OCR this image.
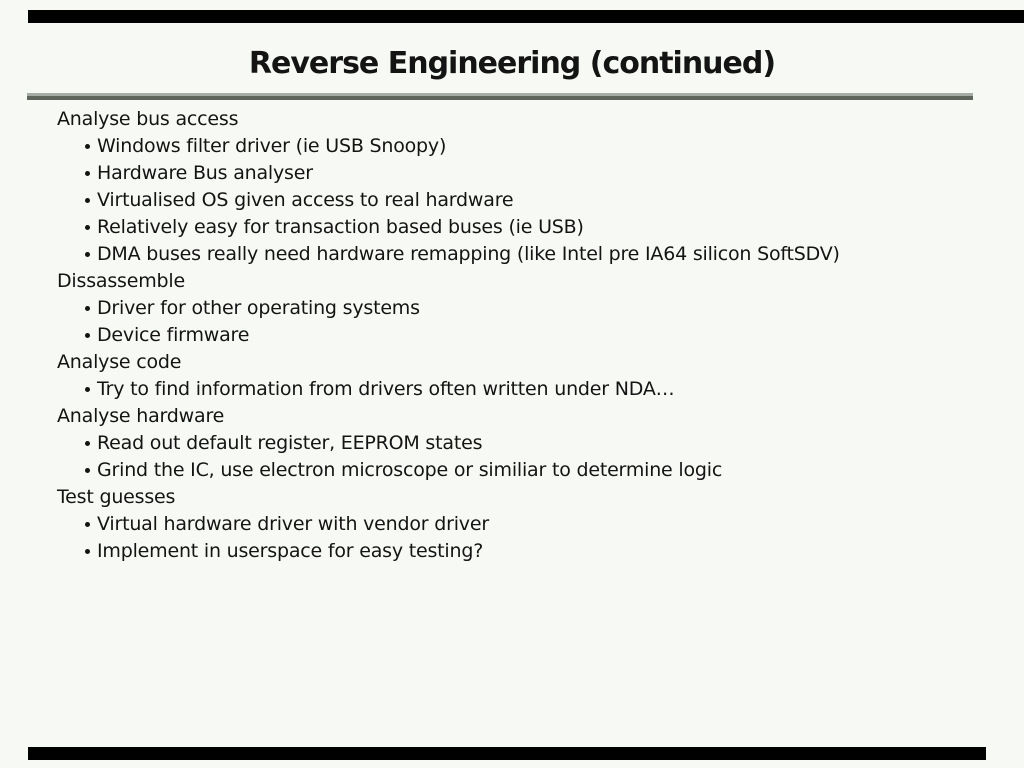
Reverse Engineering (continued)
Analyse bus access
Windows filter driver (ie USB Snoopy)
Hardware Bus analyser
Virtualised OS given access to real hardware
Relatively easy for transaction based buses (ie USB)
DMA buses really need hardware remapping (like Intel pre IA64 silicon SoftSDV)
Dissassemble
Driver for other operating systems
Device firmware
Analyse code
Try to find information from drivers often written under NDA…
Analyse hardware
Read out default register, EEPROM states
Grind the IC, use electron microscope or similiar to determine logic
Test guesses
Virtual hardware driver with vendor driver
Implement in userspace for easy testing?
